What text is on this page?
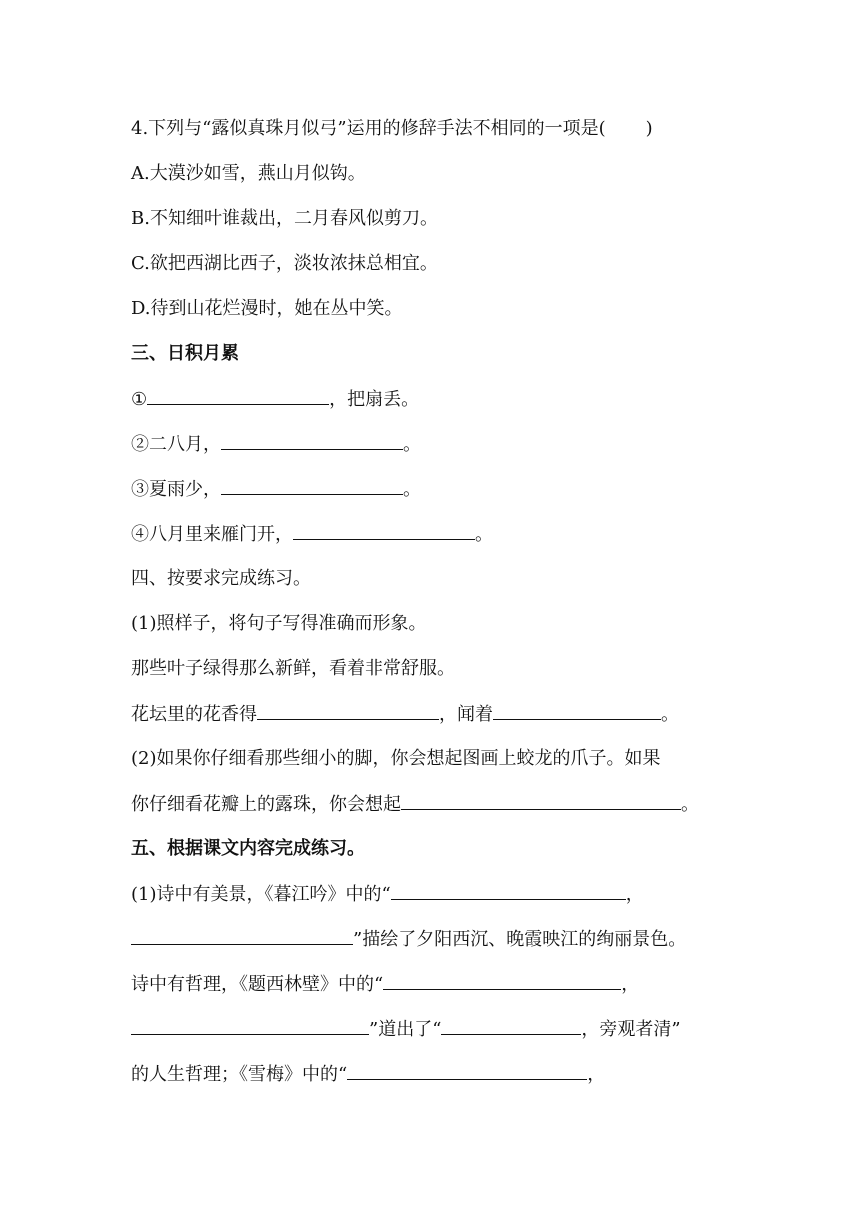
4.下列与“露似真珠月似弓”运用的修辞手法不相同的一项是( )
A.大漠沙如雪，燕山月似钩。
B.不知细叶谁裁出，二月春风似剪刀。
C.欲把西湖比西子，淡妆浓抹总相宜。
D.待到山花烂漫时，她在丛中笑。
三、日积月累
①	，把扇丢。
②二八月，	。
③夏雨少，	。
④八月里来雁门开，	。
四、按要求完成练习。
(1)照样子，将句子写得准确而形象。
那些叶子绿得那么新鲜，看着非常舒服。
花坛里的花香得	，闻着	。
(2)如果你仔细看那些细小的脚，你会想起图画上蛟龙的爪子。如果
你仔细看花瓣上的露珠，你会想起	。
五、根据课文内容完成练习。
(1)诗中有美景，《暮江吟》中的“	，
”描绘了夕阳西沉、晚霞映江的绚丽景色。
诗中有哲理，《题西林壁》中的“	，
”道出了“	，旁观者清”
的人生哲理；《雪梅》中的“	，
